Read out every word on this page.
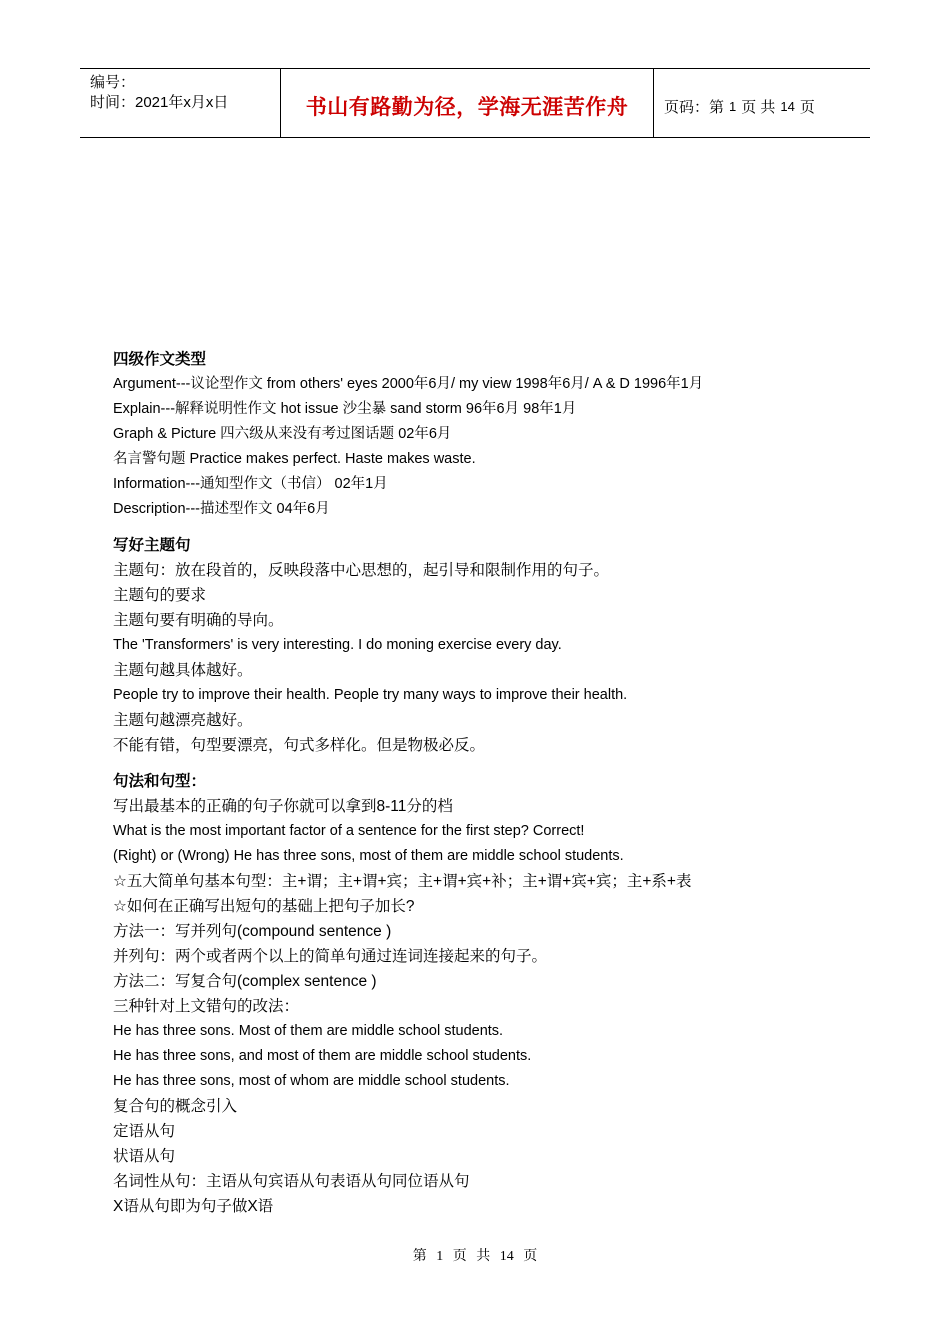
编号：
时间：2021年x月x日	书山有路勤为径，学海无涯苦作舟 页码：第 1 页 共 14 页
四级作文类型
Argument---议论型作文 from others' eyes 2000年6月/ my view 1998年6月/ A & D 1996年1月
Explain---解释说明性作文 hot issue 沙尘暴 sand storm 96年6月 98年1月
Graph & Picture 四六级从来没有考过图话题 02年6月
名言警句题 Practice makes perfect. Haste makes waste.
Information---通知型作文（书信） 02年1月
Description---描述型作文 04年6月
写好主题句
主题句：放在段首的，反映段落中心思想的，起引导和限制作用的句子。
主题句的要求
主题句要有明确的导向。
The 'Transformers' is very interesting. I do moning exercise every day.
主题句越具体越好。
People try to improve their health. People try many ways to improve their health.
主题句越漂亮越好。
不能有错，句型要漂亮，句式多样化。但是物极必反。
句法和句型：
写出最基本的正确的句子你就可以拿到8-11分的档
What is the most important factor of a sentence for the first step? Correct!
(Right) or (Wrong) He has three sons, most of them are middle school students.
☆五大简单句基本句型：主+谓；主+谓+宾；主+谓+宾+补；主+谓+宾+宾；主+系+表
☆如何在正确写出短句的基础上把句子加长?
方法一：写并列句(compound sentence )
并列句：两个或者两个以上的简单句通过连词连接起来的句子。
方法二：写复合句(complex sentence )
三种针对上文错句的改法：
He has three sons. Most of them are middle school students.
He has three sons, and most of them are middle school students.
He has three sons, most of whom are middle school students.
复合句的概念引入
定语从句
状语从句
名词性从句：主语从句宾语从句表语从句同位语从句
X语从句即为句子做X语
第 1 页 共 14 页
